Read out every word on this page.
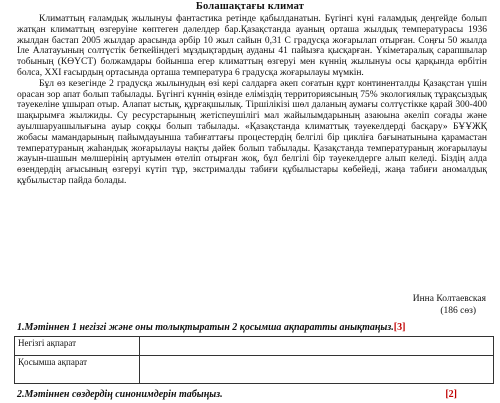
Болашақтағы климат

Климаттың ғаламдық жылынуы фантастика ретінде қабылданатын. Бүгінгі күні ғаламдық деңгейде болып жатқан климаттың өзгеруіне көптеген дәлелдер бар.Қазақстанда ауаның орташа жылдық температурасы 1936 жылдан бастап 2005 жылдар арасында әрбір 10 жыл сайын 0,31 С градусқа жоғарылап отырған. Соңғы 50 жылда Іле Алатауының солтүстік беткейіндегі мұздықтардың ауданы 41 пайызға қысқарған. Үкіметаралық сарапшылар тобының (КӨҮСТ) болжамдары бойынша егер климаттың өзгеруі мен күннің жылынуы осы қарқында өрбітін болса, XXI ғасырдың ортасында орташа температура 6 градусқа жоғарылауы мүмкін.

Бұл өз кезегінде 2 градусқа жылынудың өзі кері салдарға әкеп соғатын құрт континенталды Қазақстан үшін орасан зор апат болып табылады. Бүгінгі күннің өзінде еліміздің территориясының 75% экологиялық тұрақсыздық тәуекеліне ұшырап отыр. Алапат ыстық, құрғақшылық. Тіршілікізі шөл даланың аумағы солтүстікке қарай 300-400 шақырымға жылжиды. Су ресурстарының жетіспеушілігі мал жайылымдарының азаюына әкеліп соғады және ауылшаруашылығына ауыр соққы болып табылады. «Қазақстанда климаттық тәуекелдерді басқару» БҰҰЖҚ жобасы мамандарының пайымдауынша табиғаттағы процестердің белгілі бір цикліға бағынатынына қарамастан температураның жаһандық жоғарылауы нақты дәйек болып табылады. Қазақстанда температураның жоғарылауы жауын-шашын мөлшерінің артуымен өтеліп отырған жоқ, бұл белгілі бір тәуекелдерге алып келеді. Біздің алда өзендердің ағысының өзгеруі күтіп тұр, экстрималды табиғи құбылыстары көбейеді, жаңа табиғи аномалдық құбылыстар пайда болады.

Инна Колтаевская
(186 сөз)
1.Мәтіннен 1 негізгі және оны толықтыратын 2 қосымша ақпаратты анықтаңыз.[3]
Негізгі ақпарат	
Қосымша ақпарат	
2.Мәтіннен сөздердің синонимдерін табыңыз.	[2]
